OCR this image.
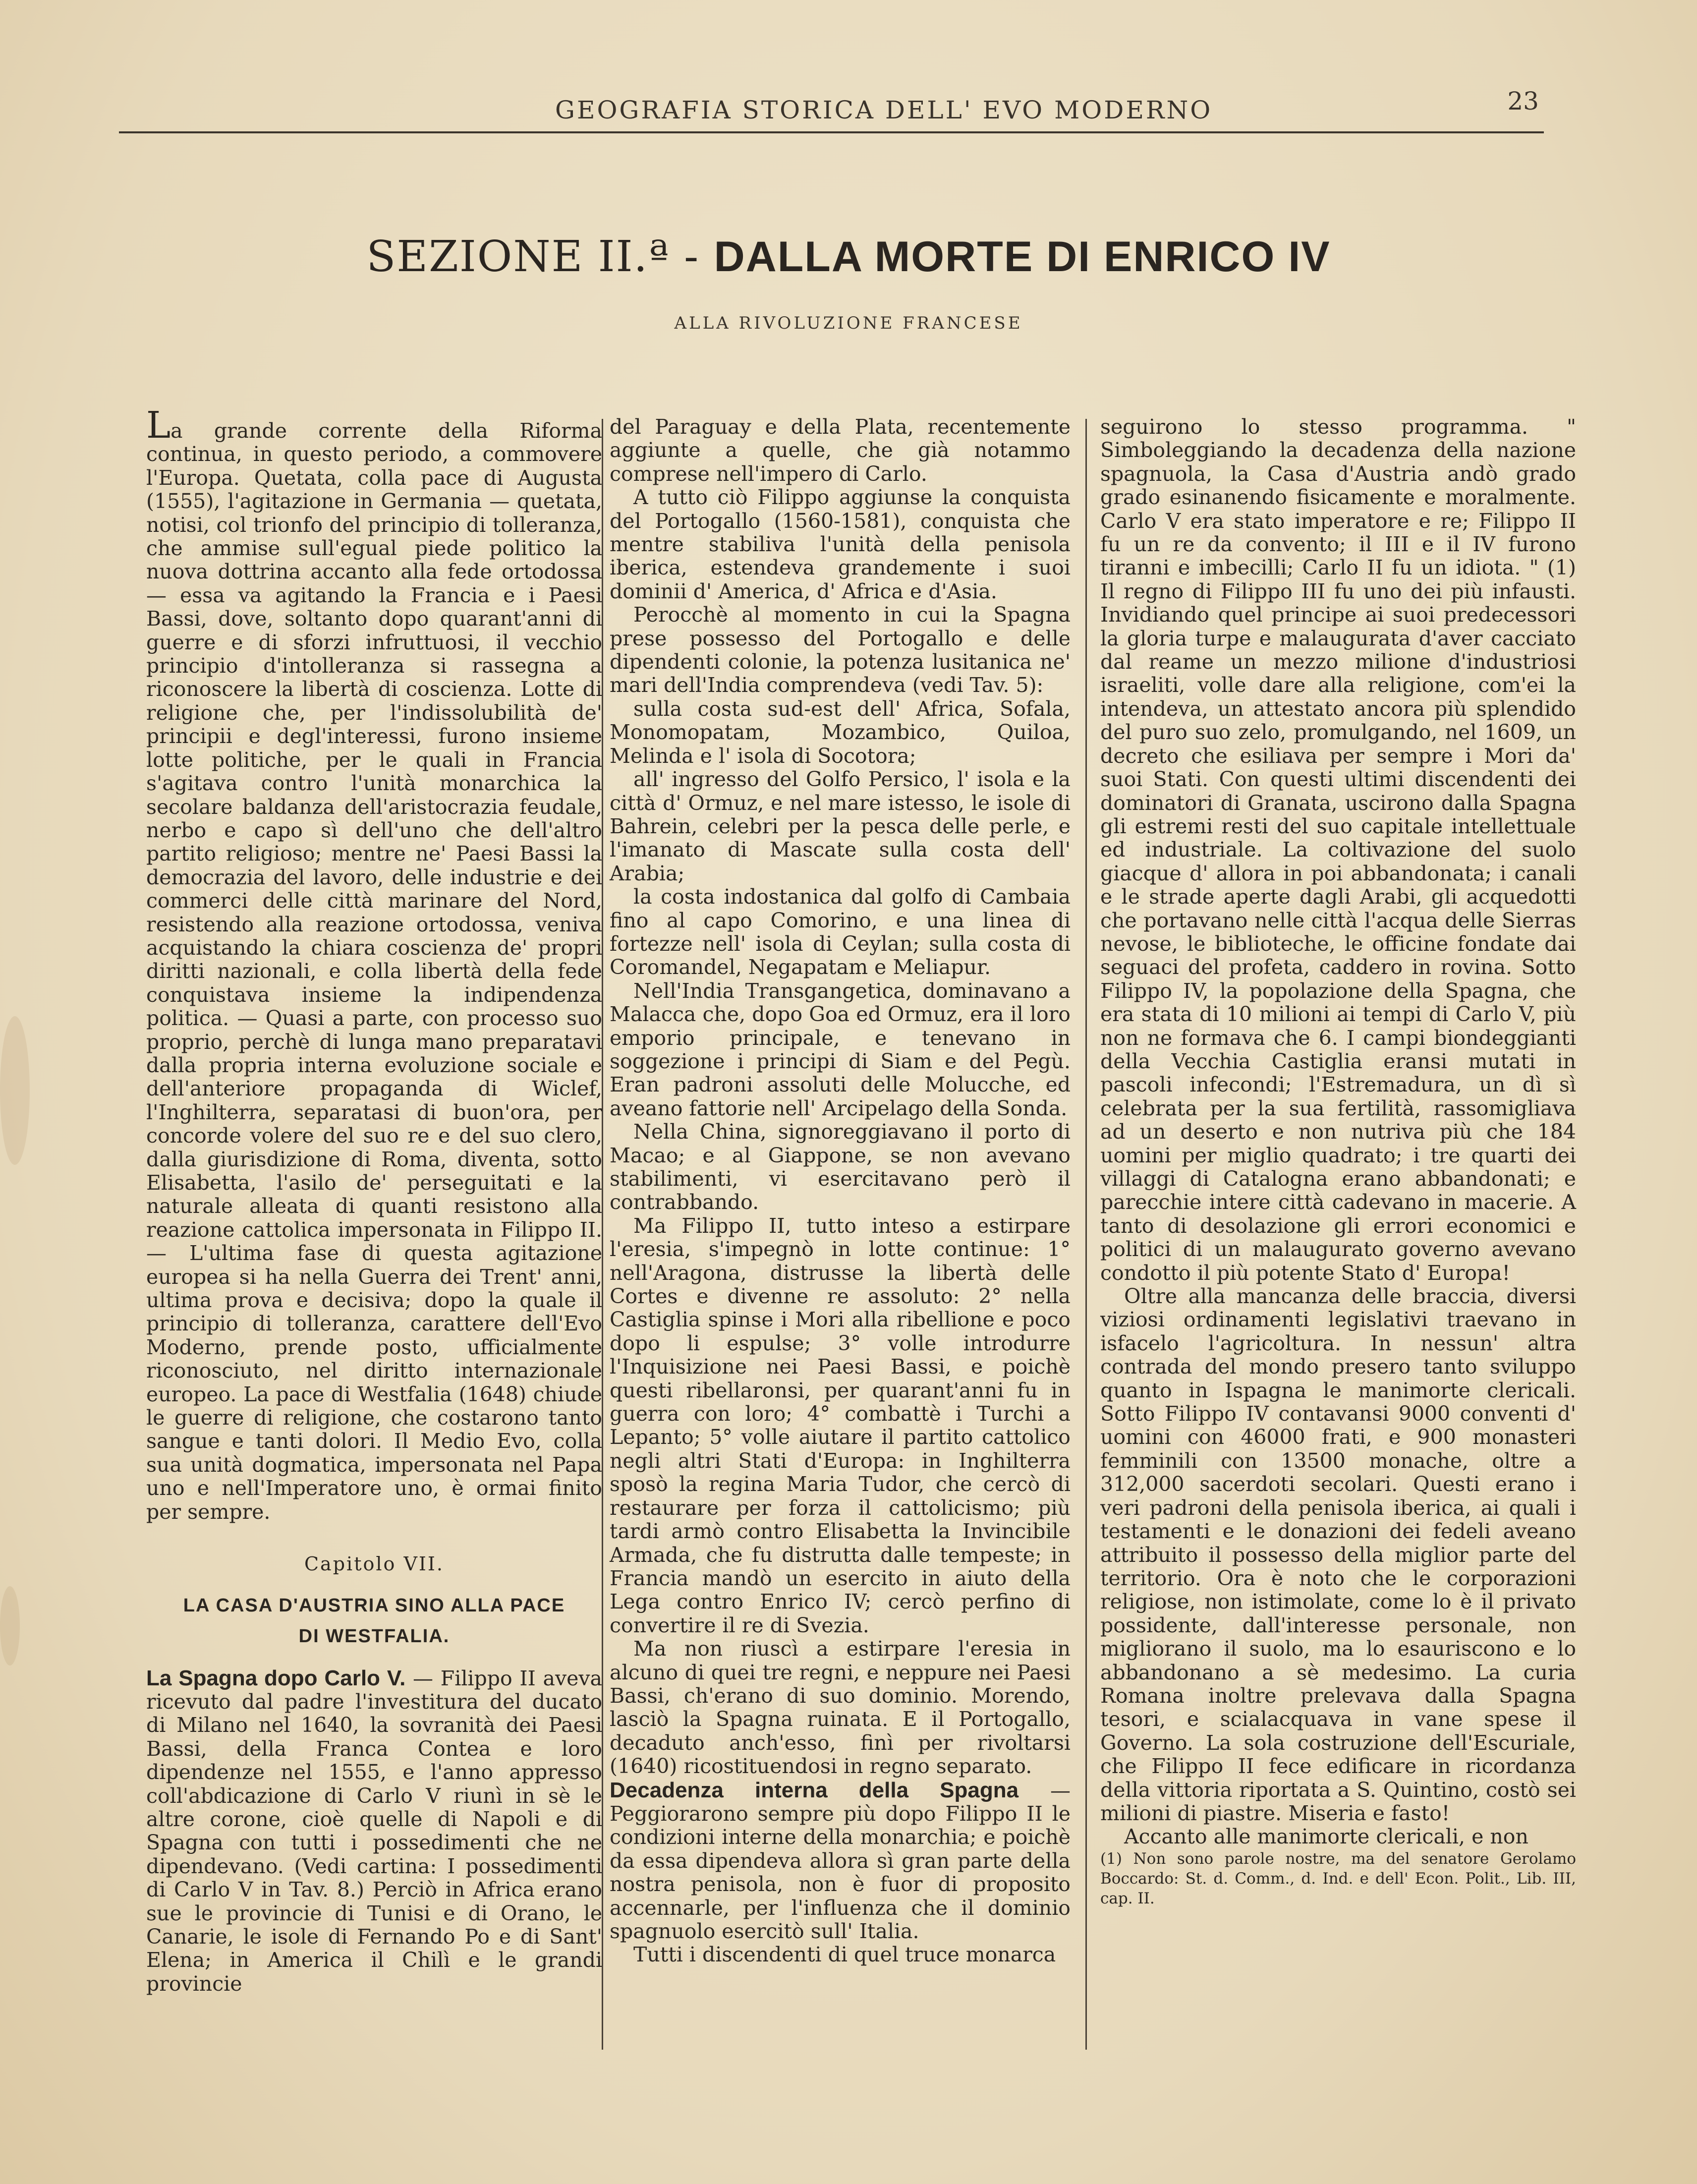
GEOGRAFIA STORICA DELL' EVO MODERNO	23
SEZIONE II.ª - DALLA MORTE DI ENRICO IV
ALLA RIVOLUZIONE FRANCESE

La grande corrente della Riforma continua, in questo periodo, a commovere l'Europa. Quetata, colla pace di Augusta (1555), l'agitazione in Germania — quetata, notisi, col trionfo del principio di tolleranza, che ammise sull'egual piede politico la nuova dottrina accanto alla fede ortodossa — essa va agitando la Francia e i Paesi Bassi, dove, soltanto dopo quarant'anni di guerre e di sforzi infruttuosi, il vecchio principio d'intolleranza si rassegna a riconoscere la libertà di coscienza. Lotte di religione che, per l'indissolubilità de' principii e degl'interessi, furono insieme lotte politiche, per le quali in Francia s'agitava contro l'unità monarchica la secolare baldanza dell'aristocrazia feudale, nerbo e capo sì dell'uno che dell'altro partito religioso; mentre ne' Paesi Bassi la democrazia del lavoro, delle industrie e dei commerci delle città marinare del Nord, resistendo alla reazione ortodossa, veniva acquistando la chiara coscienza de' propri diritti nazionali, e colla libertà della fede conquistava insieme la indipendenza politica. — Quasi a parte, con processo suo proprio, perchè di lunga mano preparatavi dalla propria interna evoluzione sociale e dell'anteriore propaganda di Wiclef, l'Inghilterra, separatasi di buon'ora, per concorde volere del suo re e del suo clero, dalla giurisdizione di Roma, diventa, sotto Elisabetta, l'asilo de' perseguitati e la naturale alleata di quanti resistono alla reazione cattolica impersonata in Filippo II. — L'ultima fase di questa agitazione europea si ha nella Guerra dei Trent' anni, ultima prova e decisiva; dopo la quale il principio di tolleranza, carattere dell'Evo Moderno, prende posto, ufficialmente riconosciuto, nel diritto internazionale europeo. La pace di Westfalia (1648) chiude le guerre di religione, che costarono tanto sangue e tanti dolori. Il Medio Evo, colla sua unità dogmatica, impersonata nel Papa uno e nell'Imperatore uno, è ormai finito per sempre.

Capitolo VII.
LA CASA D'AUSTRIA SINO ALLA PACE
DI WESTFALIA.

La Spagna dopo Carlo V. — Filippo II aveva ricevuto dal padre l'investitura del ducato di Milano nel 1640, la sovranità dei Paesi Bassi, della Franca Contea e loro dipendenze nel 1555, e l'anno appresso coll'abdicazione di Carlo V riunì in sè le altre corone, cioè quelle di Napoli e di Spagna con tutti i possedimenti che ne dipendevano. (Vedi cartina: I possedimenti di Carlo V in Tav. 8.) Perciò in Africa erano sue le provincie di Tunisi e di Orano, le Canarie, le isole di Fernando Po e di Sant' Elena; in America il Chilì e le grandi provincie

del Paraguay e della Plata, recentemente aggiunte a quelle, che già notammo comprese nell'impero di Carlo.

A tutto ciò Filippo aggiunse la conquista del Portogallo (1560-1581), conquista che mentre stabiliva l'unità della penisola iberica, estendeva grandemente i suoi dominii d' America, d' Africa e d'Asia.

Perocchè al momento in cui la Spagna prese possesso del Portogallo e delle dipendenti colonie, la potenza lusitanica ne' mari dell'India comprendeva (vedi Tav. 5):

sulla costa sud-est dell' Africa, Sofala, Monomopatam, Mozambico, Quiloa, Melinda e l' isola di Socotora;

all' ingresso del Golfo Persico, l' isola e la città d' Ormuz, e nel mare istesso, le isole di Bahrein, celebri per la pesca delle perle, e l'imanato di Mascate sulla costa dell' Arabia;

la costa indostanica dal golfo di Cambaia fino al capo Comorino, e una linea di fortezze nell' isola di Ceylan; sulla costa di Coromandel, Negapatam e Meliapur.

Nell'India Transgangetica, dominavano a Malacca che, dopo Goa ed Ormuz, era il loro emporio principale, e tenevano in soggezione i principi di Siam e del Pegù. Eran padroni assoluti delle Molucche, ed aveano fattorie nell' Arcipelago della Sonda.

Nella China, signoreggiavano il porto di Macao; e al Giappone, se non avevano stabilimenti, vi esercitavano però il contrabbando.

Ma Filippo II, tutto inteso a estirpare l'eresia, s'impegnò in lotte continue: 1° nell'Aragona, distrusse la libertà delle Cortes e divenne re assoluto: 2° nella Castiglia spinse i Mori alla ribellione e poco dopo li espulse; 3° volle introdurre l'Inquisizione nei Paesi Bassi, e poichè questi ribellaronsi, per quarant'anni fu in guerra con loro; 4° combattè i Turchi a Lepanto; 5° volle aiutare il partito cattolico negli altri Stati d'Europa: in Inghilterra sposò la regina Maria Tudor, che cercò di restaurare per forza il cattolicismo; più tardi armò contro Elisabetta la Invincibile Armada, che fu distrutta dalle tempeste; in Francia mandò un esercito in aiuto della Lega contro Enrico IV; cercò perfino di convertire il re di Svezia.

Ma non riuscì a estirpare l'eresia in alcuno di quei tre regni, e neppure nei Paesi Bassi, ch'erano di suo dominio. Morendo, lasciò la Spagna ruinata. E il Portogallo, decaduto anch'esso, finì per rivoltarsi (1640) ricostituendosi in regno separato.

Decadenza interna della Spagna — Peggiorarono sempre più dopo Filippo II le condizioni interne della monarchia; e poichè da essa dipendeva allora sì gran parte della nostra penisola, non è fuor di proposito accennarle, per l'influenza che il dominio spagnuolo esercitò sull' Italia.

Tutti i discendenti di quel truce monarca

seguirono lo stesso programma. " Simboleggiando la decadenza della nazione spagnuola, la Casa d'Austria andò grado grado esinanendo fisicamente e moralmente. Carlo V era stato imperatore e re; Filippo II fu un re da convento; il III e il IV furono tiranni e imbecilli; Carlo II fu un idiota. " (1) Il regno di Filippo III fu uno dei più infausti. Invidiando quel principe ai suoi predecessori la gloria turpe e malaugurata d'aver cacciato dal reame un mezzo milione d'industriosi israeliti, volle dare alla religione, com'ei la intendeva, un attestato ancora più splendido del puro suo zelo, promulgando, nel 1609, un decreto che esiliava per sempre i Mori da' suoi Stati. Con questi ultimi discendenti dei dominatori di Granata, uscirono dalla Spagna gli estremi resti del suo capitale intellettuale ed industriale. La coltivazione del suolo giacque d' allora in poi abbandonata; i canali e le strade aperte dagli Arabi, gli acquedotti che portavano nelle città l'acqua delle Sierras nevose, le biblioteche, le officine fondate dai seguaci del profeta, caddero in rovina. Sotto Filippo IV, la popolazione della Spagna, che era stata di 10 milioni ai tempi di Carlo V, più non ne formava che 6. I campi biondeggianti della Vecchia Castiglia eransi mutati in pascoli infecondi; l'Estremadura, un dì sì celebrata per la sua fertilità, rassomigliava ad un deserto e non nutriva più che 184 uomini per miglio quadrato; i tre quarti dei villaggi di Catalogna erano abbandonati; e parecchie intere città cadevano in macerie. A tanto di desolazione gli errori economici e politici di un malaugurato governo avevano condotto il più potente Stato d' Europa!

Oltre alla mancanza delle braccia, diversi viziosi ordinamenti legislativi traevano in isfacelo l'agricoltura. In nessun' altra contrada del mondo presero tanto sviluppo quanto in Ispagna le manimorte clericali. Sotto Filippo IV contavansi 9000 conventi d' uomini con 46000 frati, e 900 monasteri femminili con 13500 monache, oltre a 312,000 sacerdoti secolari. Questi erano i veri padroni della penisola iberica, ai quali i testamenti e le donazioni dei fedeli aveano attribuito il possesso della miglior parte del territorio. Ora è noto che le corporazioni religiose, non istimolate, come lo è il privato possidente, dall'interesse personale, non migliorano il suolo, ma lo esauriscono e lo abbandonano a sè medesimo. La curia Romana inoltre prelevava dalla Spagna tesori, e scialacquava in vane spese il Governo. La sola costruzione dell'Escuriale, che Filippo II fece edificare in ricordanza della vittoria riportata a S. Quintino, costò sei milioni di piastre. Miseria e fasto!

Accanto alle manimorte clericali, e non

(1) Non sono parole nostre, ma del senatore Gerolamo Boccardo: St. d. Comm., d. Ind. e dell' Econ. Polit., Lib. III, cap. II.
